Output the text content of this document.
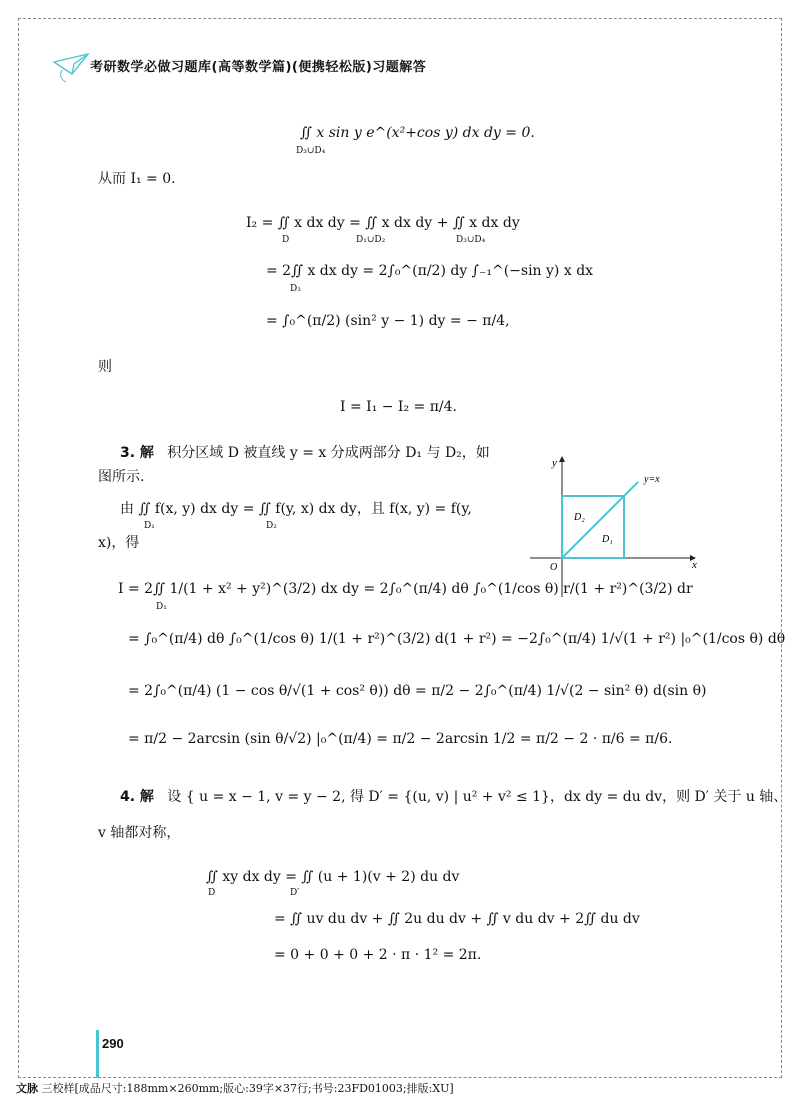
考研数学必做习题库(高等数学篇)(便携轻松版)习题解答
∬ x sin y e^(x²+cos y) dx dy = 0.
D₃∪D₄
从而 I₁ = 0.
I₂ = ∬ x dx dy = ∬ x dx dy + ∬ x dx dy
D	D₁∪D₂	D₃∪D₄
= 2∬ x dx dy = 2∫₀^(π/2) dy ∫₋₁^(−sin y) x dx
D₃
= ∫₀^(π/2) (sin² y − 1) dy = − π/4,
则
I = I₁ − I₂ = π/4.
3. 解 积分区域 D 被直线 y = x 分成两部分 D₁ 与 D₂，如
图所示.
由 ∬ f(x, y) dx dy = ∬ f(y, x) dx dy，且 f(x, y) = f(y,
D₁	D₂
x)，得
x
y
O
y=x
D₁
D₂
I = 2∬ 1/(1 + x² + y²)^(3/2) dx dy = 2∫₀^(π/4) dθ ∫₀^(1/cos θ) r/(1 + r²)^(3/2) dr
D₁
= ∫₀^(π/4) dθ ∫₀^(1/cos θ) 1/(1 + r²)^(3/2) d(1 + r²) = −2∫₀^(π/4) 1/√(1 + r²) |₀^(1/cos θ) dθ
= 2∫₀^(π/4) (1 − cos θ/√(1 + cos² θ)) dθ = π/2 − 2∫₀^(π/4) 1/√(2 − sin² θ) d(sin θ)
= π/2 − 2arcsin (sin θ/√2) |₀^(π/4) = π/2 − 2arcsin 1/2 = π/2 − 2 · π/6 = π/6.
4. 解 设 { u = x − 1, v = y − 2, 得 D′ = {(u, v) | u² + v² ≤ 1}，dx dy = du dv，则 D′ 关于 u 轴、
v 轴都对称，
∬ xy dx dy = ∬ (u + 1)(v + 2) du dv
D	D′
= ∬ uv du dv + ∬ 2u du dv + ∬ v du dv + 2∬ du dv
= 0 + 0 + 0 + 2 · π · 1² = 2π.
290
文脉 三校样[成品尺寸:188mm×260mm;版心:39字×37行;书号:23FD01003;排版:XU]
